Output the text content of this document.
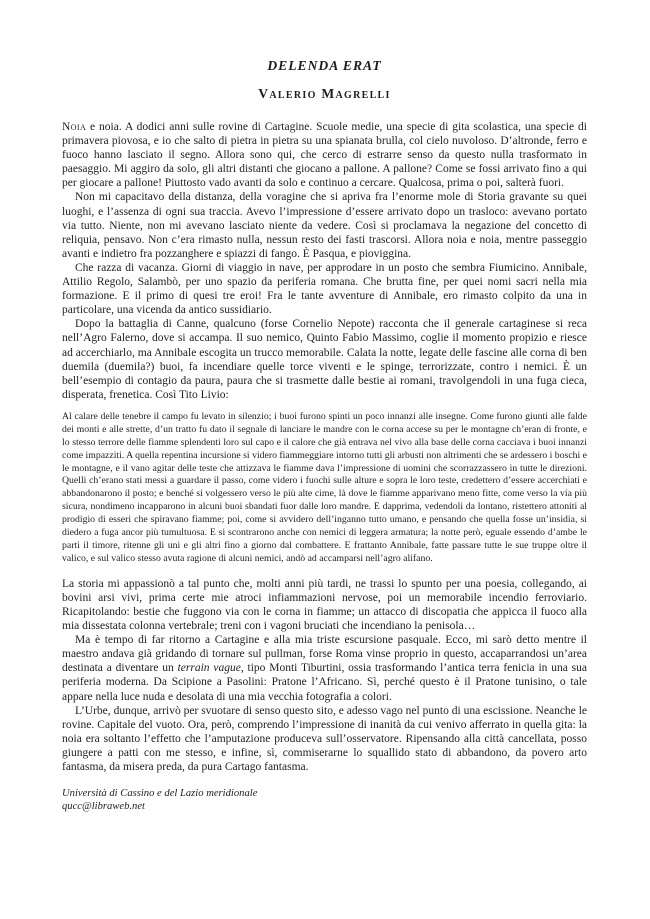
DELENDA ERAT
Valerio Magrelli

Noia e noia. A dodici anni sulle rovine di Cartagine. Scuole medie, una specie di gita scolastica, una specie di primavera piovosa, e io che salto di pietra in pietra su una spianata brulla, col cielo nuvoloso. D’altronde, ferro e fuoco hanno lasciato il segno. Allora sono qui, che cerco di estrarre senso da questo nulla trasformato in paesaggio. Mi aggiro da solo, gli altri distanti che giocano a pallone. A pallone? Come se fossi arrivato fino a qui per giocare a pallone! Piuttosto vado avanti da solo e continuo a cercare. Qualcosa, prima o poi, salterà fuori.

Non mi capacitavo della distanza, della voragine che si apriva fra l’enorme mole di Storia gravante su quei luoghi, e l’assenza di ogni sua traccia. Avevo l’impressione d’essere arrivato dopo un trasloco: avevano portato via tutto. Niente, non mi avevano lasciato niente da vedere. Così si proclamava la negazione del concetto di reliquia, pensavo. Non c’era rimasto nulla, nessun resto dei fasti trascorsi. Allora noia e noia, mentre passeggio avanti e indietro fra pozzanghere e spiazzi di fango. È Pasqua, e pioviggina.

Che razza di vacanza. Giorni di viaggio in nave, per approdare in un posto che sembra Fiumicino. Annibale, Attilio Regolo, Salambò, per uno spazio da periferia romana. Che brutta fine, per quei nomi sacri nella mia formazione. E il primo di quesi tre eroi! Fra le tante avventure di Annibale, ero rimasto colpito da una in particolare, una vicenda da antico sussidiario.

Dopo la battaglia di Canne, qualcuno (forse Cornelio Nepote) racconta che il generale cartaginese si reca nell’Agro Falerno, dove si accampa. Il suo nemico, Quinto Fabio Massimo, coglie il momento propizio e riesce ad accerchiarlo, ma Annibale escogita un trucco memorabile. Calata la notte, legate delle fascine alle corna di ben duemila (duemila?) buoi, fa incendiare quelle torce viventi e le spinge, terrorizzate, contro i nemici. È un bell’esempio di contagio da paura, paura che si trasmette dalle bestie ai romani, travolgendoli in una fuga cieca, disperata, frenetica. Così Tito Livio:

Al calare delle tenebre il campo fu levato in silenzio; i buoi furono spinti un poco innanzi alle insegne. Come furono giunti alle falde dei monti e alle strette, d’un tratto fu dato il segnale di lanciare le mandre con le corna accese su per le montagne ch’eran di fronte, e lo stesso terrore delle fiamme splendenti loro sul capo e il calore che già entrava nel vivo alla base delle corna cacciava i buoi innanzi come impazziti. A quella repentina incursione si videro fiammeggiare intorno tutti gli arbusti non altrimenti che se ardessero i boschi e le montagne, e il vano agitar delle teste che attizzava le fiamme dava l’impressione di uomini che scorrazzassero in tutte le direzioni. Quelli ch’erano stati messi a guardare il passo, come videro i fuochi sulle alture e sopra le loro teste, credettero d’essere accerchiati e abbandonarono il posto; e benché si volgessero verso le più alte cime, là dove le fiamme apparivano meno fitte, come verso la via più sicura, nondimeno incapparono in alcuni buoi sbandati fuor dalle loro mandre. E dapprima, vedendoli da lontano, ristettero attoniti al prodigio di esseri che spiravano fiamme; poi, come si avvidero dell’inganno tutto umano, e pensando che quella fosse un’insidia, si diedero a fuga ancor più tumultuosa. E si scontrarono anche con nemici di leggera armatura; la notte però, eguale essendo d’ambe le parti il timore, ritenne gli uni e gli altri fino a giorno dal combattere. E frattanto Annibale, fatte passare tutte le sue truppe oltre il valico, e sul valico stesso avuta ragione di alcuni nemici, andò ad accamparsi nell’agro alifano.

La storia mi appassionò a tal punto che, molti anni più tardi, ne trassi lo spunto per una poesia, collegando, ai bovini arsi vivi, prima certe mie atroci infiammazioni nervose, poi un memorabile incendio ferroviario. Ricapitolando: bestie che fuggono via con le corna in fiamme; un attacco di discopatia che appicca il fuoco alla mia dissestata colonna vertebrale; treni con i vagoni bruciati che incendiano la penisola…

Ma è tempo di far ritorno a Cartagine e alla mia triste escursione pasquale. Ecco, mi sarò detto mentre il maestro andava già gridando di tornare sul pullman, forse Roma vinse proprio in questo, accaparrandosi un’area destinata a diventare un terrain vague, tipo Monti Tiburtini, ossia trasformando l’antica terra fenicia in una sua periferia moderna. Da Scipione a Pasolini: Pratone l’Africano. Sì, perché questo è il Pratone tunisino, o tale appare nella luce nuda e desolata di una mia vecchia fotografia a colori.

L’Urbe, dunque, arrivò per svuotare di senso questo sito, e adesso vago nel punto di una escissione. Neanche le rovine. Capitale del vuoto. Ora, però, comprendo l’impressione di inanità da cui venivo afferrato in quella gita: la noia era soltanto l’effetto che l’amputazione produceva sull’osservatore. Ripensando alla città cancellata, posso giungere a patti con me stesso, e infine, sì, commiserarne lo squallido stato di abbandono, da povero arto fantasma, da misera preda, da pura Cartago fantasma.

Università di Cassino e del Lazio meridionale
qucc@libraweb.net
